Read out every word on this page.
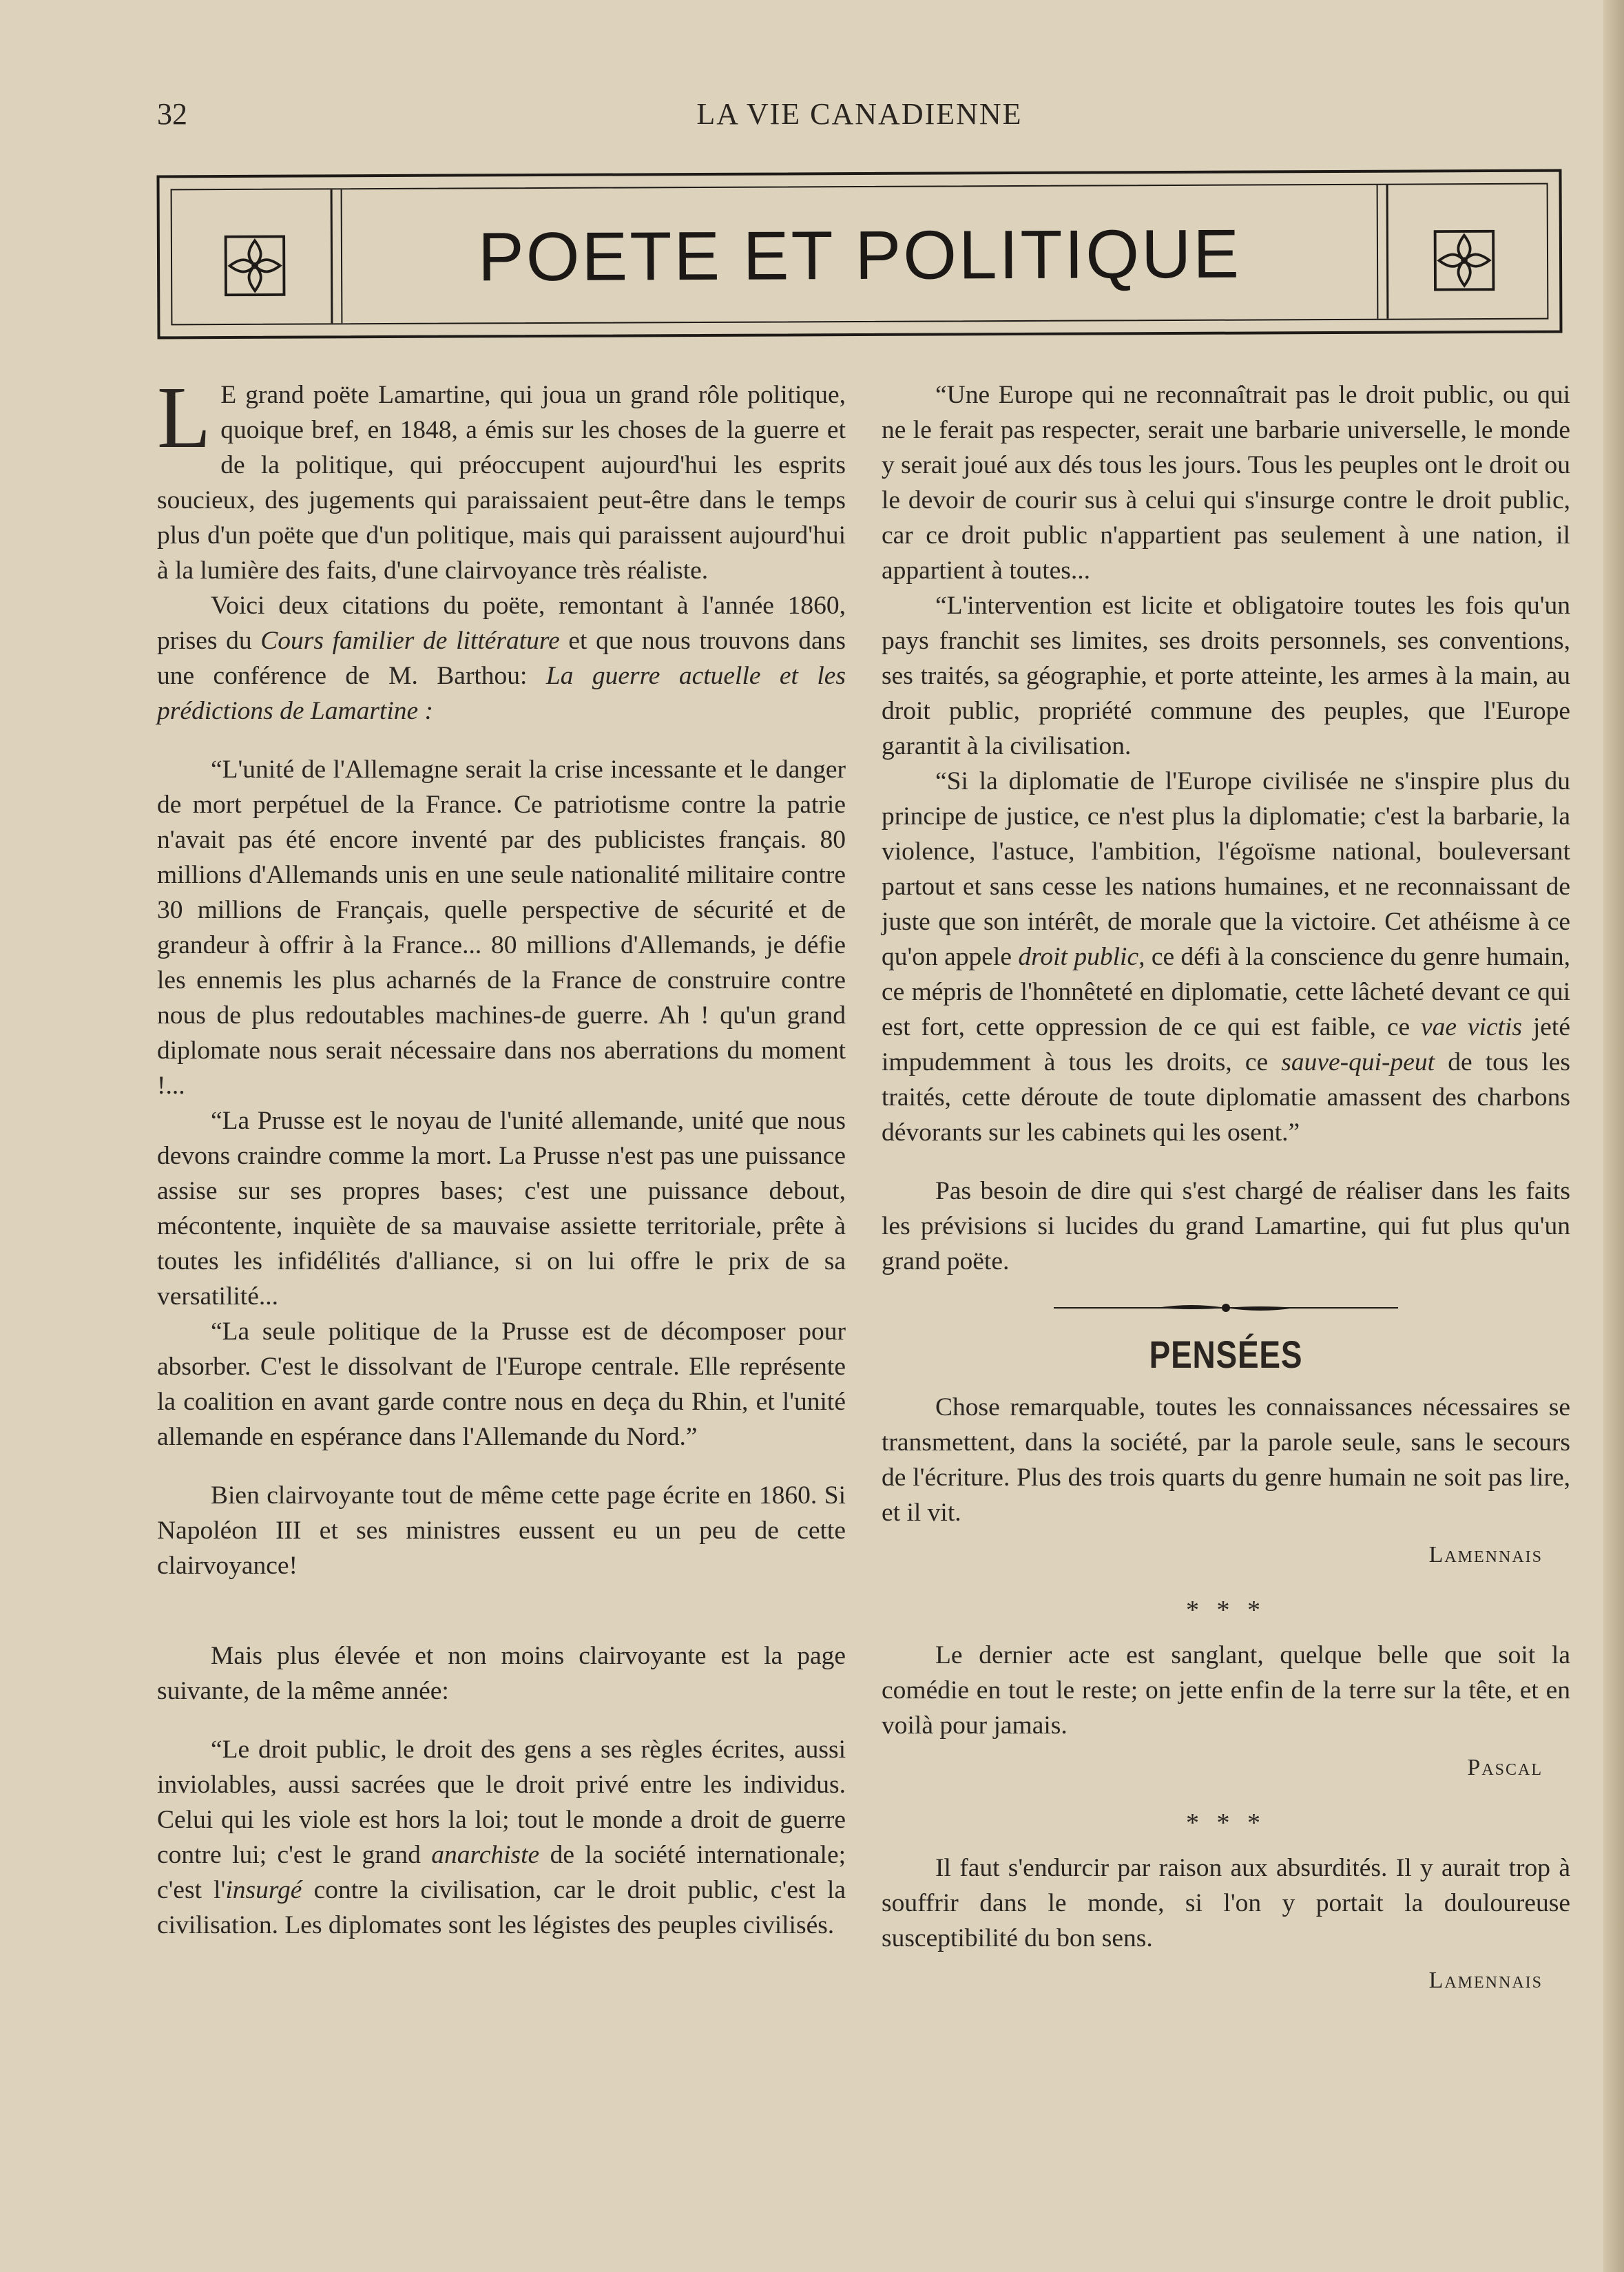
32	LA VIE CANADIENNE
POETE ET POLITIQUE

L E grand poëte Lamartine, qui joua un grand rôle politique, quoique bref, en 1848, a émis sur les choses de la guerre et de la politique, qui préoccupent aujourd'hui les esprits soucieux, des jugements qui paraissaient peut-être dans le temps plus d'un poëte que d'un politique, mais qui paraissent aujourd'hui à la lumière des faits, d'une clairvoyance très réaliste.

Voici deux citations du poëte, remontant à l'année 1860, prises du Cours familier de littérature et que nous trouvons dans une conférence de M. Barthou: La guerre actuelle et les prédictions de Lamartine :

“L'unité de l'Allemagne serait la crise incessante et le danger de mort perpétuel de la France. Ce patriotisme contre la patrie n'avait pas été encore inventé par des publicistes français. 80 millions d'Allemands unis en une seule nationalité militaire contre 30 millions de Français, quelle perspective de sécurité et de grandeur à offrir à la France... 80 millions d'Allemands, je défie les ennemis les plus acharnés de la France de construire contre nous de plus redoutables machines-de guerre. Ah ! qu'un grand diplomate nous serait nécessaire dans nos aberrations du moment !...

“La Prusse est le noyau de l'unité allemande, unité que nous devons craindre comme la mort. La Prusse n'est pas une puissance assise sur ses propres bases; c'est une puissance debout, mécontente, inquiète de sa mauvaise assiette territoriale, prête à toutes les infidélités d'alliance, si on lui offre le prix de sa versatilité...

“La seule politique de la Prusse est de décomposer pour absorber. C'est le dissolvant de l'Europe centrale. Elle représente la coalition en avant garde contre nous en deça du Rhin, et l'unité allemande en espérance dans l'Allemande du Nord.”

Bien clairvoyante tout de même cette page écrite en 1860. Si Napoléon III et ses ministres eussent eu un peu de cette clairvoyance!

Mais plus élevée et non moins clairvoyante est la page suivante, de la même année:

“Le droit public, le droit des gens a ses règles écrites, aussi inviolables, aussi sacrées que le droit privé entre les individus. Celui qui les viole est hors la loi; tout le monde a droit de guerre contre lui; c'est le grand anarchiste de la société internationale; c'est l'insurgé contre la civilisation, car le droit public, c'est la civilisation. Les diplomates sont les légistes des peuples civilisés.

“Une Europe qui ne reconnaîtrait pas le droit public, ou qui ne le ferait pas respecter, serait une barbarie universelle, le monde y serait joué aux dés tous les jours. Tous les peuples ont le droit ou le devoir de courir sus à celui qui s'insurge contre le droit public, car ce droit public n'appartient pas seulement à une nation, il appartient à toutes...

“L'intervention est licite et obligatoire toutes les fois qu'un pays franchit ses limites, ses droits personnels, ses conventions, ses traités, sa géographie, et porte atteinte, les armes à la main, au droit public, propriété commune des peuples, que l'Europe garantit à la civilisation.

“Si la diplomatie de l'Europe civilisée ne s'inspire plus du principe de justice, ce n'est plus la diplomatie; c'est la barbarie, la violence, l'astuce, l'ambition, l'égoïsme national, bouleversant partout et sans cesse les nations humaines, et ne reconnaissant de juste que son intérêt, de morale que la victoire. Cet athéisme à ce qu'on appele droit public, ce défi à la conscience du genre humain, ce mépris de l'honnêteté en diplomatie, cette lâcheté devant ce qui est fort, cette oppression de ce qui est faible, ce vae victis jeté impudemment à tous les droits, ce sauve-qui-peut de tous les traités, cette déroute de toute diplomatie amassent des charbons dévorants sur les cabinets qui les osent.”

Pas besoin de dire qui s'est chargé de réaliser dans les faits les prévisions si lucides du grand Lamartine, qui fut plus qu'un grand poëte.

PENSÉES

Chose remarquable, toutes les connaissances nécessaires se transmettent, dans la société, par la parole seule, sans le secours de l'écriture. Plus des trois quarts du genre humain ne soit pas lire, et il vit.

Lamennais
* * *

Le dernier acte est sanglant, quelque belle que soit la comédie en tout le reste; on jette enfin de la terre sur la tête, et en voilà pour jamais.

Pascal
* * *

Il faut s'endurcir par raison aux absurdités. Il y aurait trop à souffrir dans le monde, si l'on y portait la douloureuse susceptibilité du bon sens.

Lamennais
